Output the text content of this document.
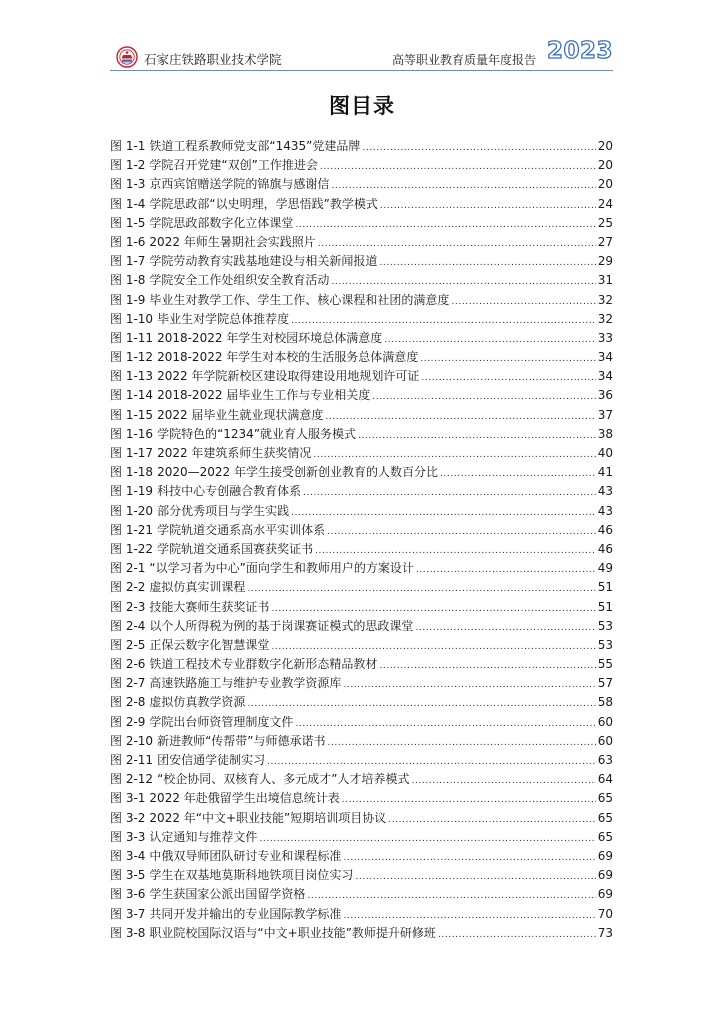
石家庄铁路职业技术学院	高等职业教育质量年度报告 2023
图目录
图 1-1 铁道工程系教师党支部“1435”党建品牌 .....	20
图 1-2 学院召开党建“双创”工作推进会 .....	20
图 1-3 京西宾馆赠送学院的锦旗与感谢信 .....	20
图 1-4 学院思政部“以史明理，学思悟践”教学模式 .....	24
图 1-5 学院思政部数字化立体课堂 .....	25
图 1-6 2022 年师生暑期社会实践照片 .....	27
图 1-7 学院劳动教育实践基地建设与相关新闻报道 .....	29
图 1-8 学院安全工作处组织安全教育活动 .....	31
图 1-9 毕业生对教学工作、学生工作、核心课程和社团的满意度 .....	32
图 1-10 毕业生对学院总体推荐度 .....	32
图 1-11 2018-2022 年学生对校园环境总体满意度 .....	33
图 1-12 2018-2022 年学生对本校的生活服务总体满意度 .....	34
图 1-13 2022 年学院新校区建设取得建设用地规划许可证 .....	34
图 1-14 2018-2022 届毕业生工作与专业相关度 .....	36
图 1-15 2022 届毕业生就业现状满意度 .....	37
图 1-16 学院特色的“1234”就业育人服务模式 .....	38
图 1-17 2022 年建筑系师生获奖情况 .....	40
图 1-18 2020—2022 年学生接受创新创业教育的人数百分比 .....	41
图 1-19 科技中心专创融合教育体系 .....	43
图 1-20 部分优秀项目与学生实践 .....	43
图 1-21 学院轨道交通系高水平实训体系 .....	46
图 1-22 学院轨道交通系国赛获奖证书 .....	46
图 2-1 “以学习者为中心”面向学生和教师用户的方案设计 .....	49
图 2-2 虚拟仿真实训课程 .....	51
图 2-3 技能大赛师生获奖证书 .....	51
图 2-4 以个人所得税为例的基于岗课赛证模式的思政课堂 .....	53
图 2-5 正保云数字化智慧课堂 .....	53
图 2-6 铁道工程技术专业群数字化新形态精品教材 .....	55
图 2-7 高速铁路施工与维护专业教学资源库 .....	57
图 2-8 虚拟仿真教学资源 .....	58
图 2-9 学院出台师资管理制度文件 .....	60
图 2-10 新进教师“传帮带”与师德承诺书 .....	60
图 2-11 团安信通学徒制实习 .....	63
图 2-12 “校企协同、双核育人、多元成才”人才培养模式 .....	64
图 3-1 2022 年赴俄留学生出境信息统计表 .....	65
图 3-2 2022 年“中文+职业技能”短期培训项目协议 .....	65
图 3-3 认定通知与推荐文件 .....	65
图 3-4 中俄双导师团队研讨专业和课程标准 .....	69
图 3-5 学生在双基地莫斯科地铁项目岗位实习 .....	69
图 3-6 学生获国家公派出国留学资格 .....	69
图 3-7 共同开发并输出的专业国际教学标准 .....	70
图 3-8 职业院校国际汉语与“中文+职业技能”教师提升研修班 .....	73
